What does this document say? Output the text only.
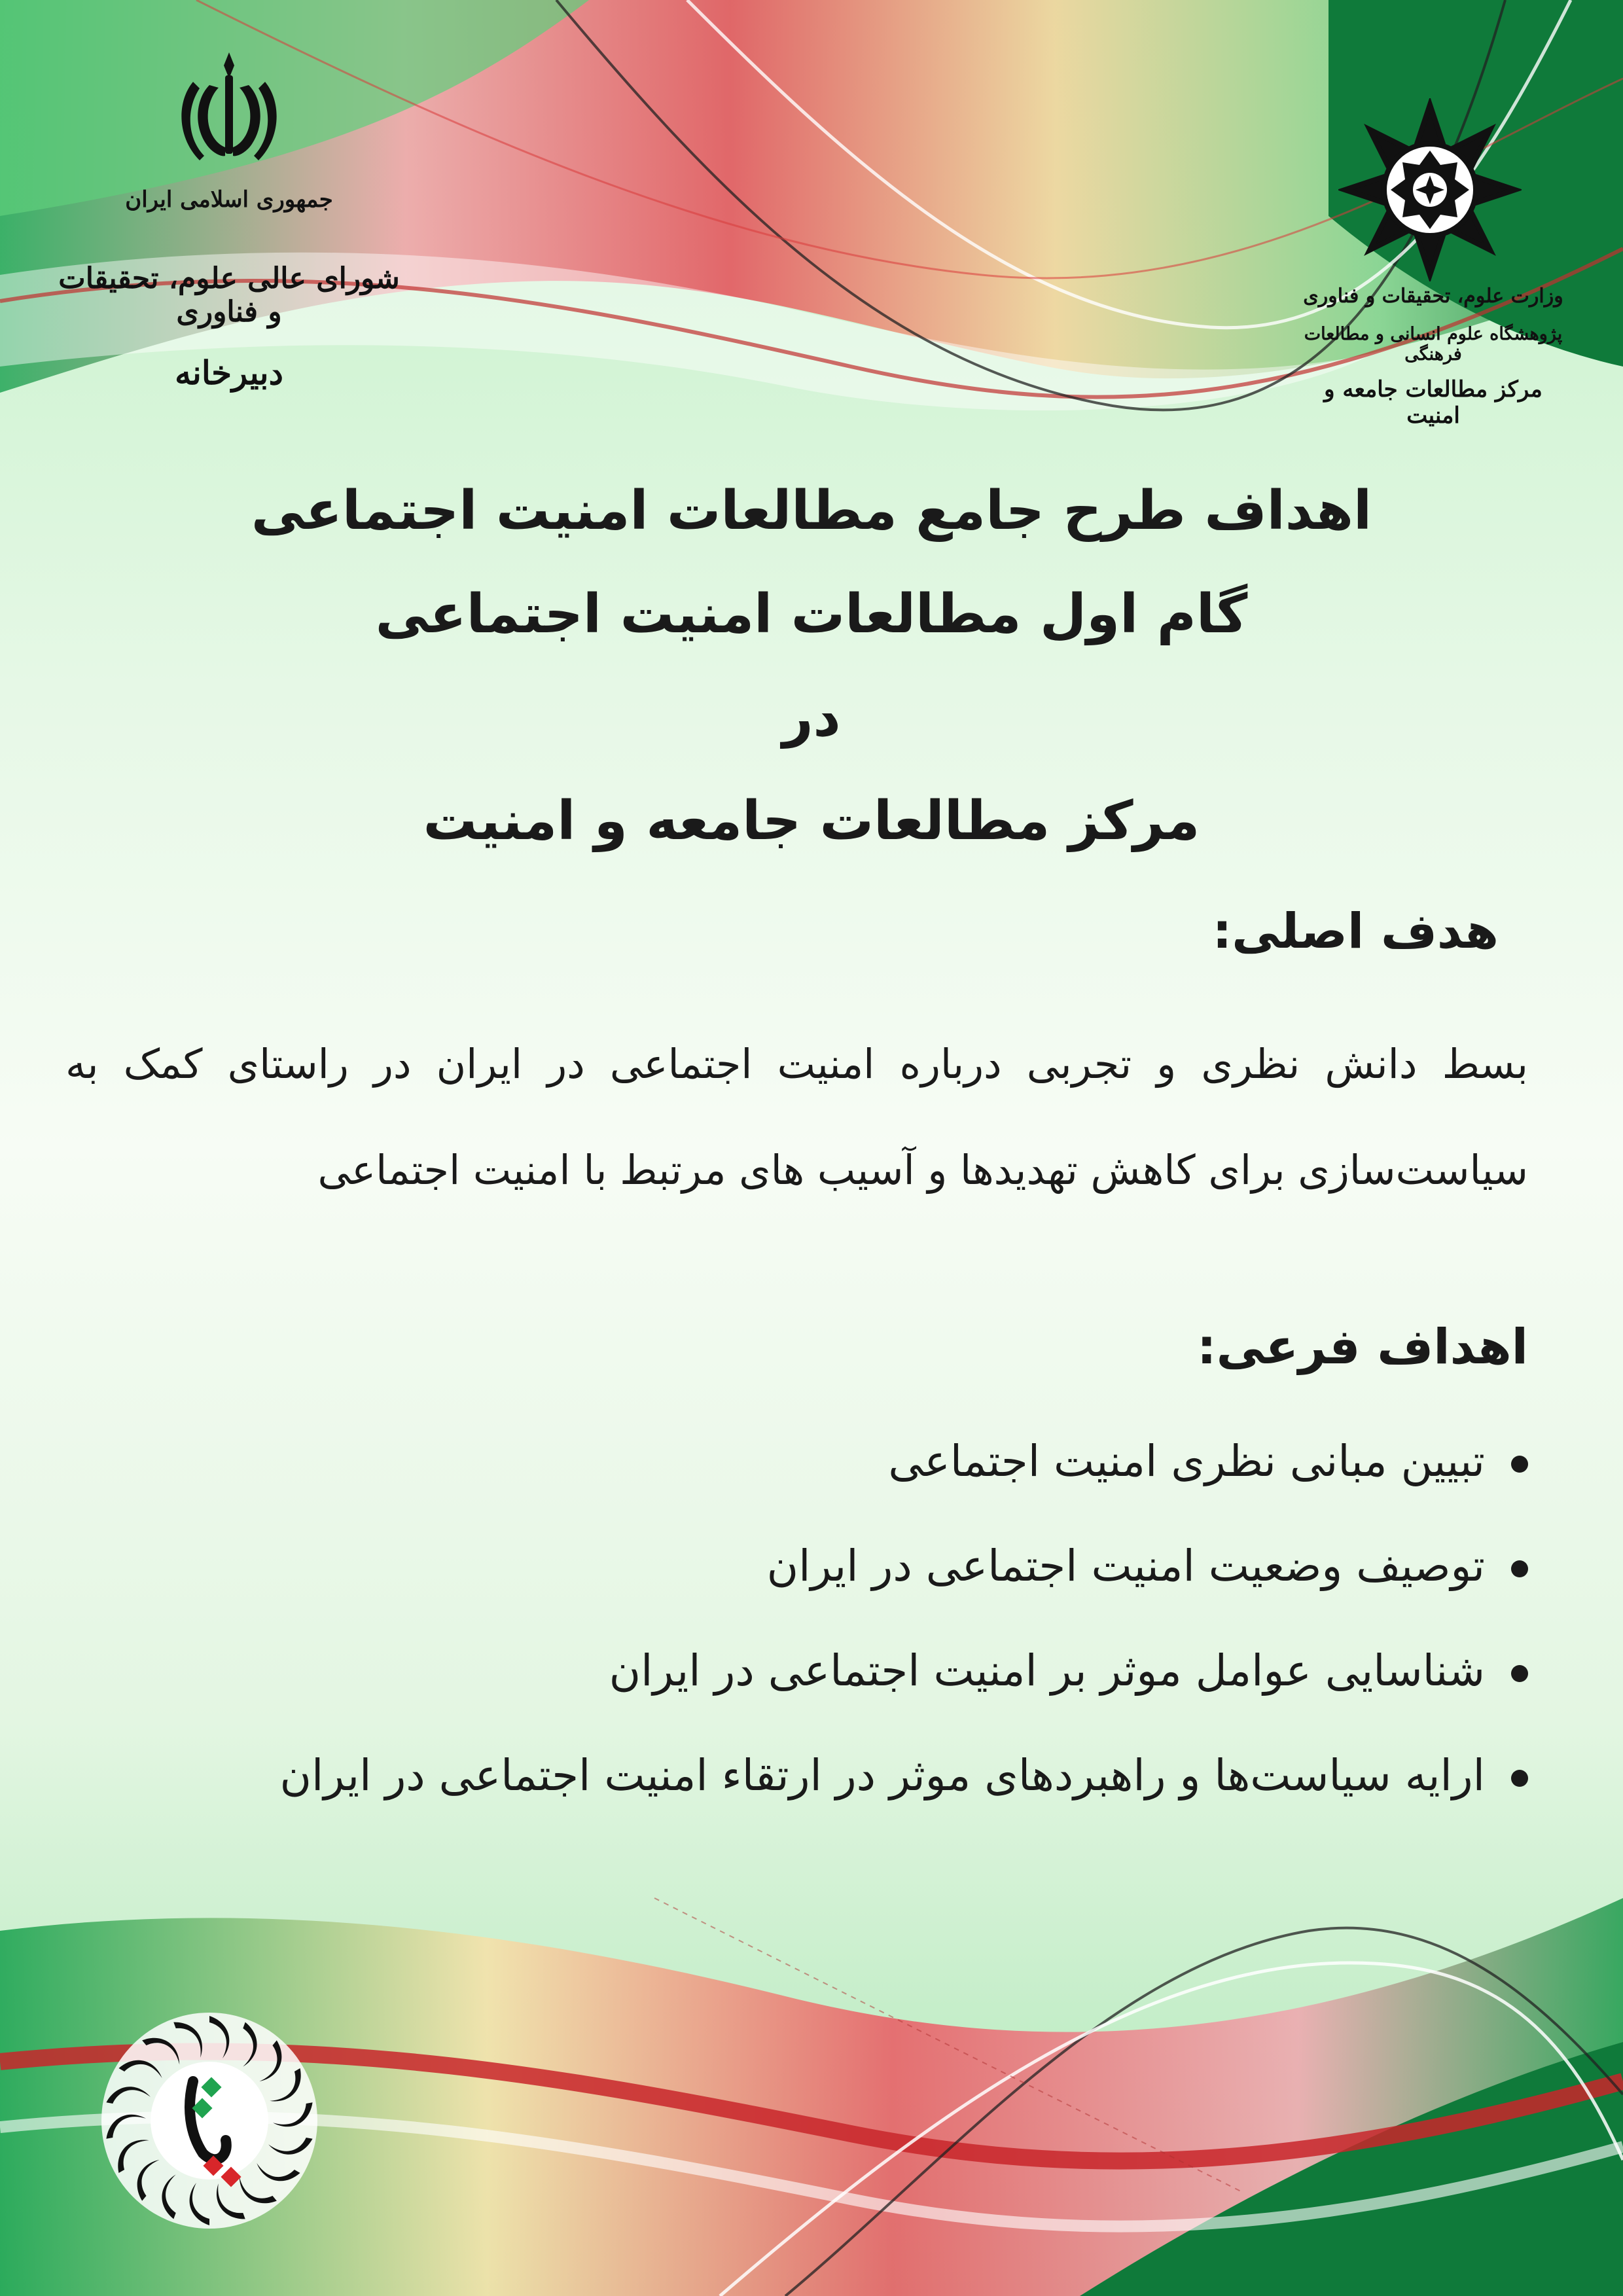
جمهوری اسلامی ایران
شورای عالی علوم، تحقیقات و فناوری
دبیرخانه
وزارت علوم، تحقیقات و فناوری
پژوهشگاه علوم انسانی و مطالعات فرهنگی
مرکز مطالعات جامعه و امنیت
اهداف طرح جامع مطالعات امنیت اجتماعی
گام اول مطالعات امنیت اجتماعی
در
مرکز مطالعات جامعه و امنیت
هدف اصلی:
بسط دانش نظری و تجربی درباره امنیت اجتماعی در ایران در راستای کمک به سیاست‌سازی برای کاهش تهدیدها و آسیب های مرتبط با امنیت اجتماعی
اهداف فرعی:
تبیین مبانی نظری امنیت اجتماعی
توصیف وضعیت امنیت اجتماعی در ایران
شناسایی عوامل موثر بر امنیت اجتماعی در ایران
ارایه سیاست‌ها و راهبردهای موثر در ارتقاء امنیت اجتماعی در ایران
